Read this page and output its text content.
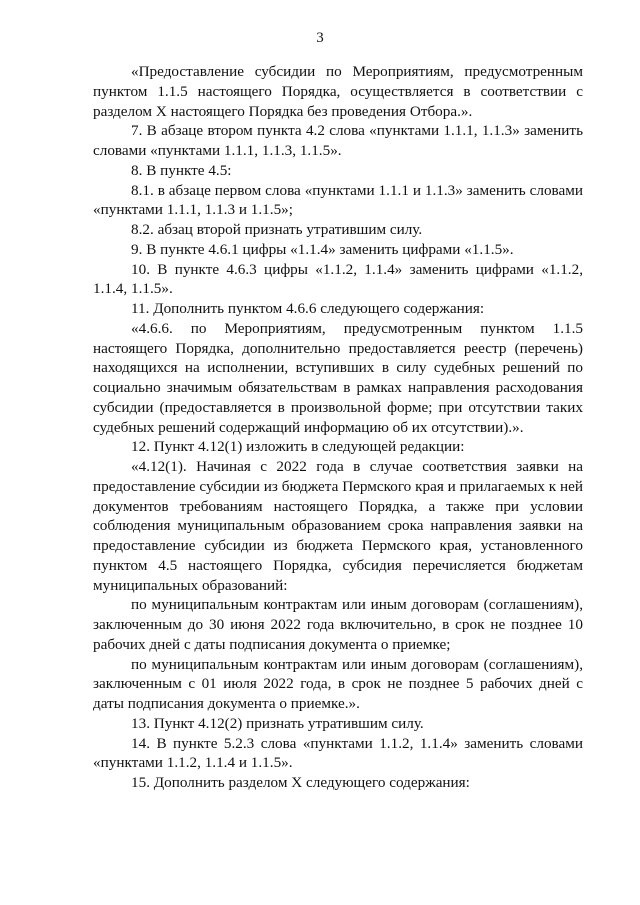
3

«Предоставление субсидии по Мероприятиям, предусмотренным пунктом 1.1.5 настоящего Порядка, осуществляется в соответствии с разделом X настоящего Порядка без проведения Отбора.».

7. В абзаце втором пункта 4.2 слова «пунктами 1.1.1, 1.1.3» заменить словами «пунктами 1.1.1, 1.1.3, 1.1.5».

8. В пункте 4.5:

8.1. в абзаце первом слова «пунктами 1.1.1 и 1.1.3» заменить словами «пунктами 1.1.1, 1.1.3 и 1.1.5»;

8.2. абзац второй признать утратившим силу.

9. В пункте 4.6.1 цифры «1.1.4» заменить цифрами «1.1.5».

10. В пункте 4.6.3 цифры «1.1.2, 1.1.4» заменить цифрами «1.1.2, 1.1.4, 1.1.5».

11. Дополнить пунктом 4.6.6 следующего содержания:

«4.6.6. по Мероприятиям, предусмотренным пунктом 1.1.5 настоящего Порядка, дополнительно предоставляется реестр (перечень) находящихся на исполнении, вступивших в силу судебных решений по социально значимым обязательствам в рамках направления расходования субсидии (предоставляется в произвольной форме; при отсутствии таких судебных решений содержащий информацию об их отсутствии).».

12. Пункт 4.12(1) изложить в следующей редакции:

«4.12(1). Начиная с 2022 года в случае соответствия заявки на предоставление субсидии из бюджета Пермского края и прилагаемых к ней документов требованиям настоящего Порядка, а также при условии соблюдения муниципальным образованием срока направления заявки на предоставление субсидии из бюджета Пермского края, установленного пунктом 4.5 настоящего Порядка, субсидия перечисляется бюджетам муниципальных образований:

по муниципальным контрактам или иным договорам (соглашениям), заключенным до 30 июня 2022 года включительно, в срок не позднее 10 рабочих дней с даты подписания документа о приемке;

по муниципальным контрактам или иным договорам (соглашениям), заключенным с 01 июля 2022 года, в срок не позднее 5 рабочих дней с даты подписания документа о приемке.».

13. Пункт 4.12(2) признать утратившим силу.

14. В пункте 5.2.3 слова «пунктами 1.1.2, 1.1.4» заменить словами «пунктами 1.1.2, 1.1.4 и 1.1.5».

15. Дополнить разделом X следующего содержания:
